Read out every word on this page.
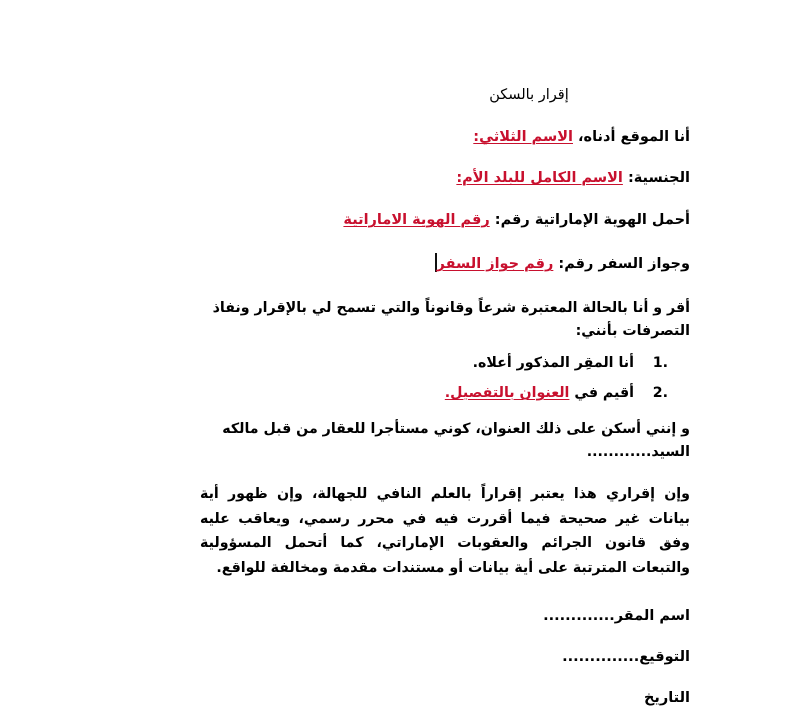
إقرار بالسكن

أنا الموقع أدناه، الاسم الثلاثي:

الجنسية: الاسم الكامل للبلد الأم:

أحمل الهوية الإماراتية رقم: رقم الهوية الاماراتية

وجواز السفر رقم: رقم جواز السفر

أقر و أنا بالحالة المعتبرة شرعاً وقانوناً والتي تسمح لي بالإقرار ونفاذ التصرفات بأنني:

1.
أنا المقِر المذكور أعلاه.
2.
أقيم في العنوان بالتفصيل.

و إنني أسكن على ذلك العنوان، كوني مستأجرا للعقار من قبل مالكه السيد............

وإن إقراري هذا يعتبر إقراراً بالعلم النافي للجهالة، وإن ظهور أية بيانات غير صحيحة فيما أقررت فيه في محرر رسمي، ويعاقب عليه وفق قانون الجرائم والعقوبات الإماراتي، كما أتحمل المسؤولية والتبعات المترتبة على أية بيانات أو مستندات مقدمة ومخالفة للواقع.

اسم المقر.............

التوقيع..............

التاريخ
